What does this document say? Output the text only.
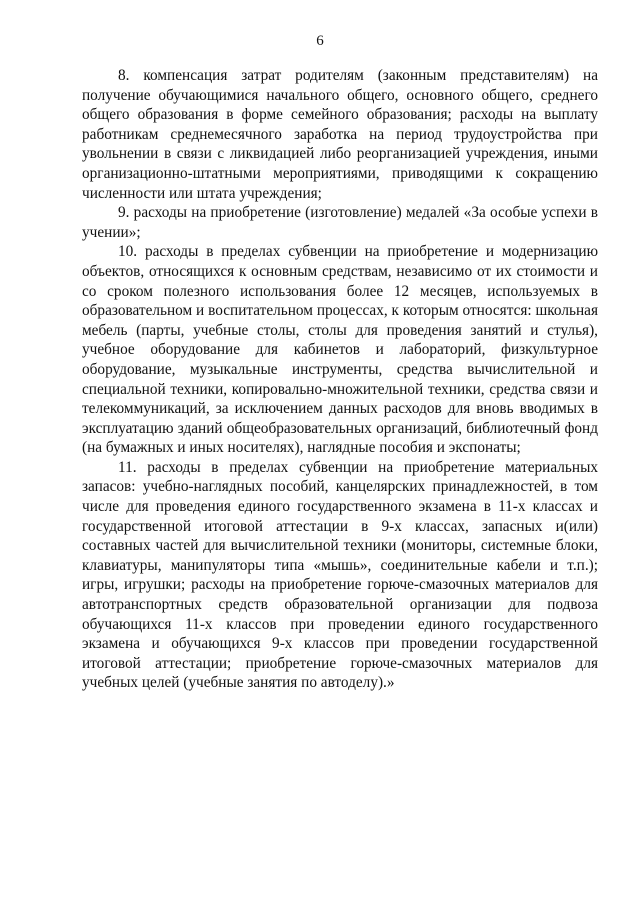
6

8. компенсация затрат родителям (законным представителям) на получение обучающимися начального общего, основного общего, среднего общего образования в форме семейного образования; расходы на выплату работникам среднемесячного заработка на период трудоустройства при увольнении в связи с ликвидацией либо реорганизацией учреждения, иными организационно-штатными мероприятиями, приводящими к сокращению численности или штата учреждения;

9. расходы на приобретение (изготовление) медалей «За особые успехи в учении»;

10. расходы в пределах субвенции на приобретение и модернизацию объектов, относящихся к основным средствам, независимо от их стоимости и со сроком полезного использования более 12 месяцев, используемых в образовательном и воспитательном процессах, к которым относятся: школьная мебель (парты, учебные столы, столы для проведения занятий и стулья), учебное оборудование для кабинетов и лабораторий, физкультурное оборудование, музыкальные инструменты, средства вычислительной и специальной техники, копировально-множительной техники, средства связи и телекоммуникаций, за исключением данных расходов для вновь вводимых в эксплуатацию зданий общеобразовательных организаций, библиотечный фонд (на бумажных и иных носителях), наглядные пособия и экспонаты;

11. расходы в пределах субвенции на приобретение материальных запасов: учебно-наглядных пособий, канцелярских принадлежностей, в том числе для проведения единого государственного экзамена в 11-х классах и государственной итоговой аттестации в 9-х классах, запасных и(или) составных частей для вычислительной техники (мониторы, системные блоки, клавиатуры, манипуляторы типа «мышь», соединительные кабели и т.п.); игры, игрушки; расходы на приобретение горюче-смазочных материалов для автотранспортных средств образовательной организации для подвоза обучающихся 11-х классов при проведении единого государственного экзамена и обучающихся 9-х классов при проведении государственной итоговой аттестации; приобретение горюче-смазочных материалов для учебных целей (учебные занятия по автоделу).»
